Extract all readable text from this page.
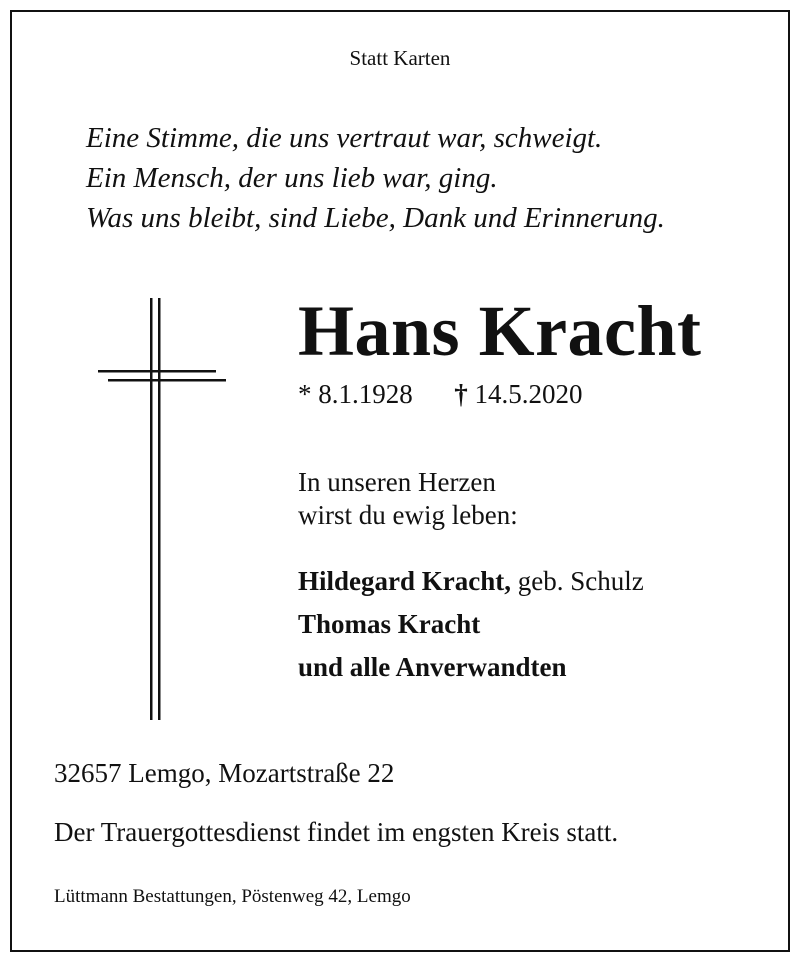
Statt Karten
Eine Stimme, die uns vertraut war, schweigt.
Ein Mensch, der uns lieb war, ging.
Was uns bleibt, sind Liebe, Dank und Erinnerung.
Hans Kracht
* 8.1.1928 † 14.5.2020
In unseren Herzen
wirst du ewig leben:
Hildegard Kracht, geb. Schulz
Thomas Kracht
und alle Anverwandten
32657 Lemgo, Mozartstraße 22
Der Trauergottesdienst findet im engsten Kreis statt.
Lüttmann Bestattungen, Pöstenweg 42, Lemgo
